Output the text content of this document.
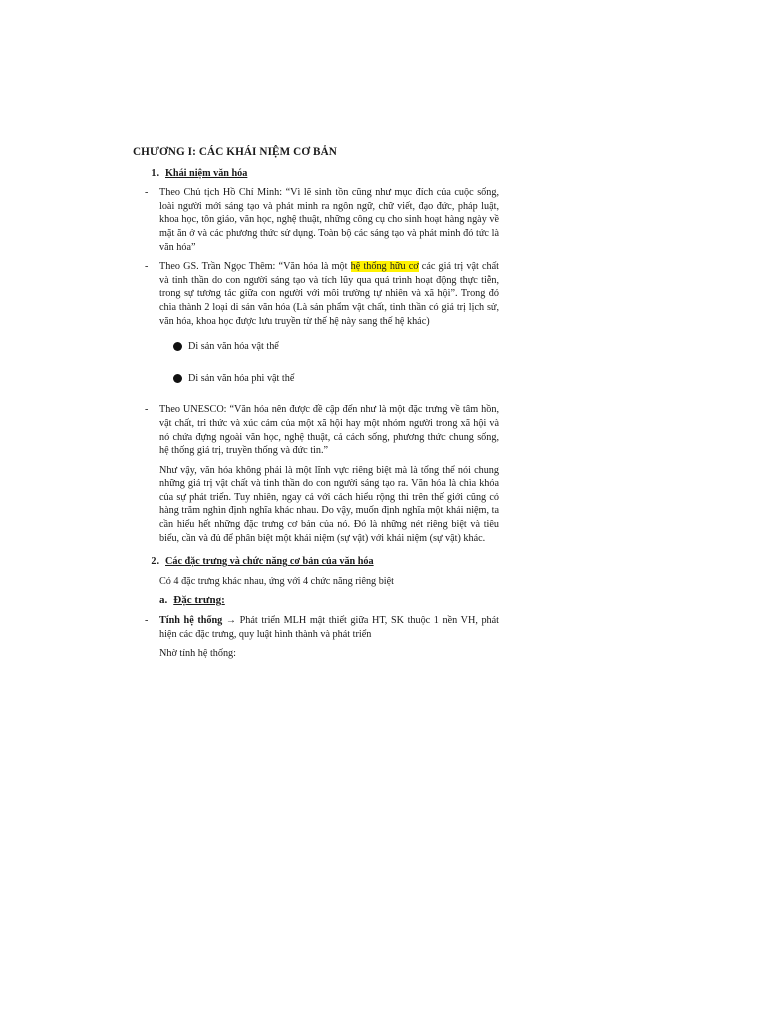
CHƯƠNG I: CÁC KHÁI NIỆM CƠ BẢN
1. Khái niệm văn hóa
-	Theo Chủ tịch Hồ Chí Minh: “Vì lẽ sinh tồn cũng như mục đích của cuộc sống, loài người mới sáng tạo và phát minh ra ngôn ngữ, chữ viết, đạo đức, pháp luật, khoa học, tôn giáo, văn học, nghệ thuật, những công cụ cho sinh hoạt hàng ngày về mặt ăn ở và các phương thức sử dụng. Toàn bộ các sáng tạo và phát minh đó tức là văn hóa”
-	Theo GS. Trần Ngọc Thêm: “Văn hóa là một hệ thống hữu cơ các giá trị vật chất và tinh thần do con người sáng tạo và tích lũy qua quá trình hoạt động thực tiễn, trong sự tương tác giữa con người với môi trường tự nhiên và xã hội”. Trong đó chia thành 2 loại di sản văn hóa (Là sản phẩm vật chất, tinh thần có giá trị lịch sử, văn hóa, khoa học được lưu truyền từ thế hệ này sang thế hệ khác)
Di sản văn hóa vật thể
Di sản văn hóa phi vật thể
-	Theo UNESCO: “Văn hóa nên được đề cập đến như là một đặc trưng về tâm hồn, vật chất, tri thức và xúc cảm của một xã hội hay một nhóm người trong xã hội và nó chứa đựng ngoài văn học, nghệ thuật, cả cách sống, phương thức chung sống, hệ thống giá trị, truyền thống và đức tin.”
Như vậy, văn hóa không phải là một lĩnh vực riêng biệt mà là tổng thể nói chung những giá trị vật chất và tinh thần do con người sáng tạo ra. Văn hóa là chìa khóa của sự phát triển. Tuy nhiên, ngay cả với cách hiểu rộng thì trên thế giới cũng có hàng trăm nghìn định nghĩa khác nhau. Do vậy, muốn định nghĩa một khái niệm, ta cần hiểu hết những đặc trưng cơ bản của nó. Đó là những nét riêng biệt và tiêu biểu, cần và đủ để phân biệt một khái niệm (sự vật) với khái niệm (sự vật) khác.
2. Các đặc trưng và chức năng cơ bản của văn hóa
Có 4 đặc trưng khác nhau, ứng với 4 chức năng riêng biệt
a. Đặc trưng:
-	Tính hệ thống → Phát triển MLH mật thiết giữa HT, SK thuộc 1 nền VH, phát hiện các đặc trưng, quy luật hình thành và phát triển
Nhờ tính hệ thống:
